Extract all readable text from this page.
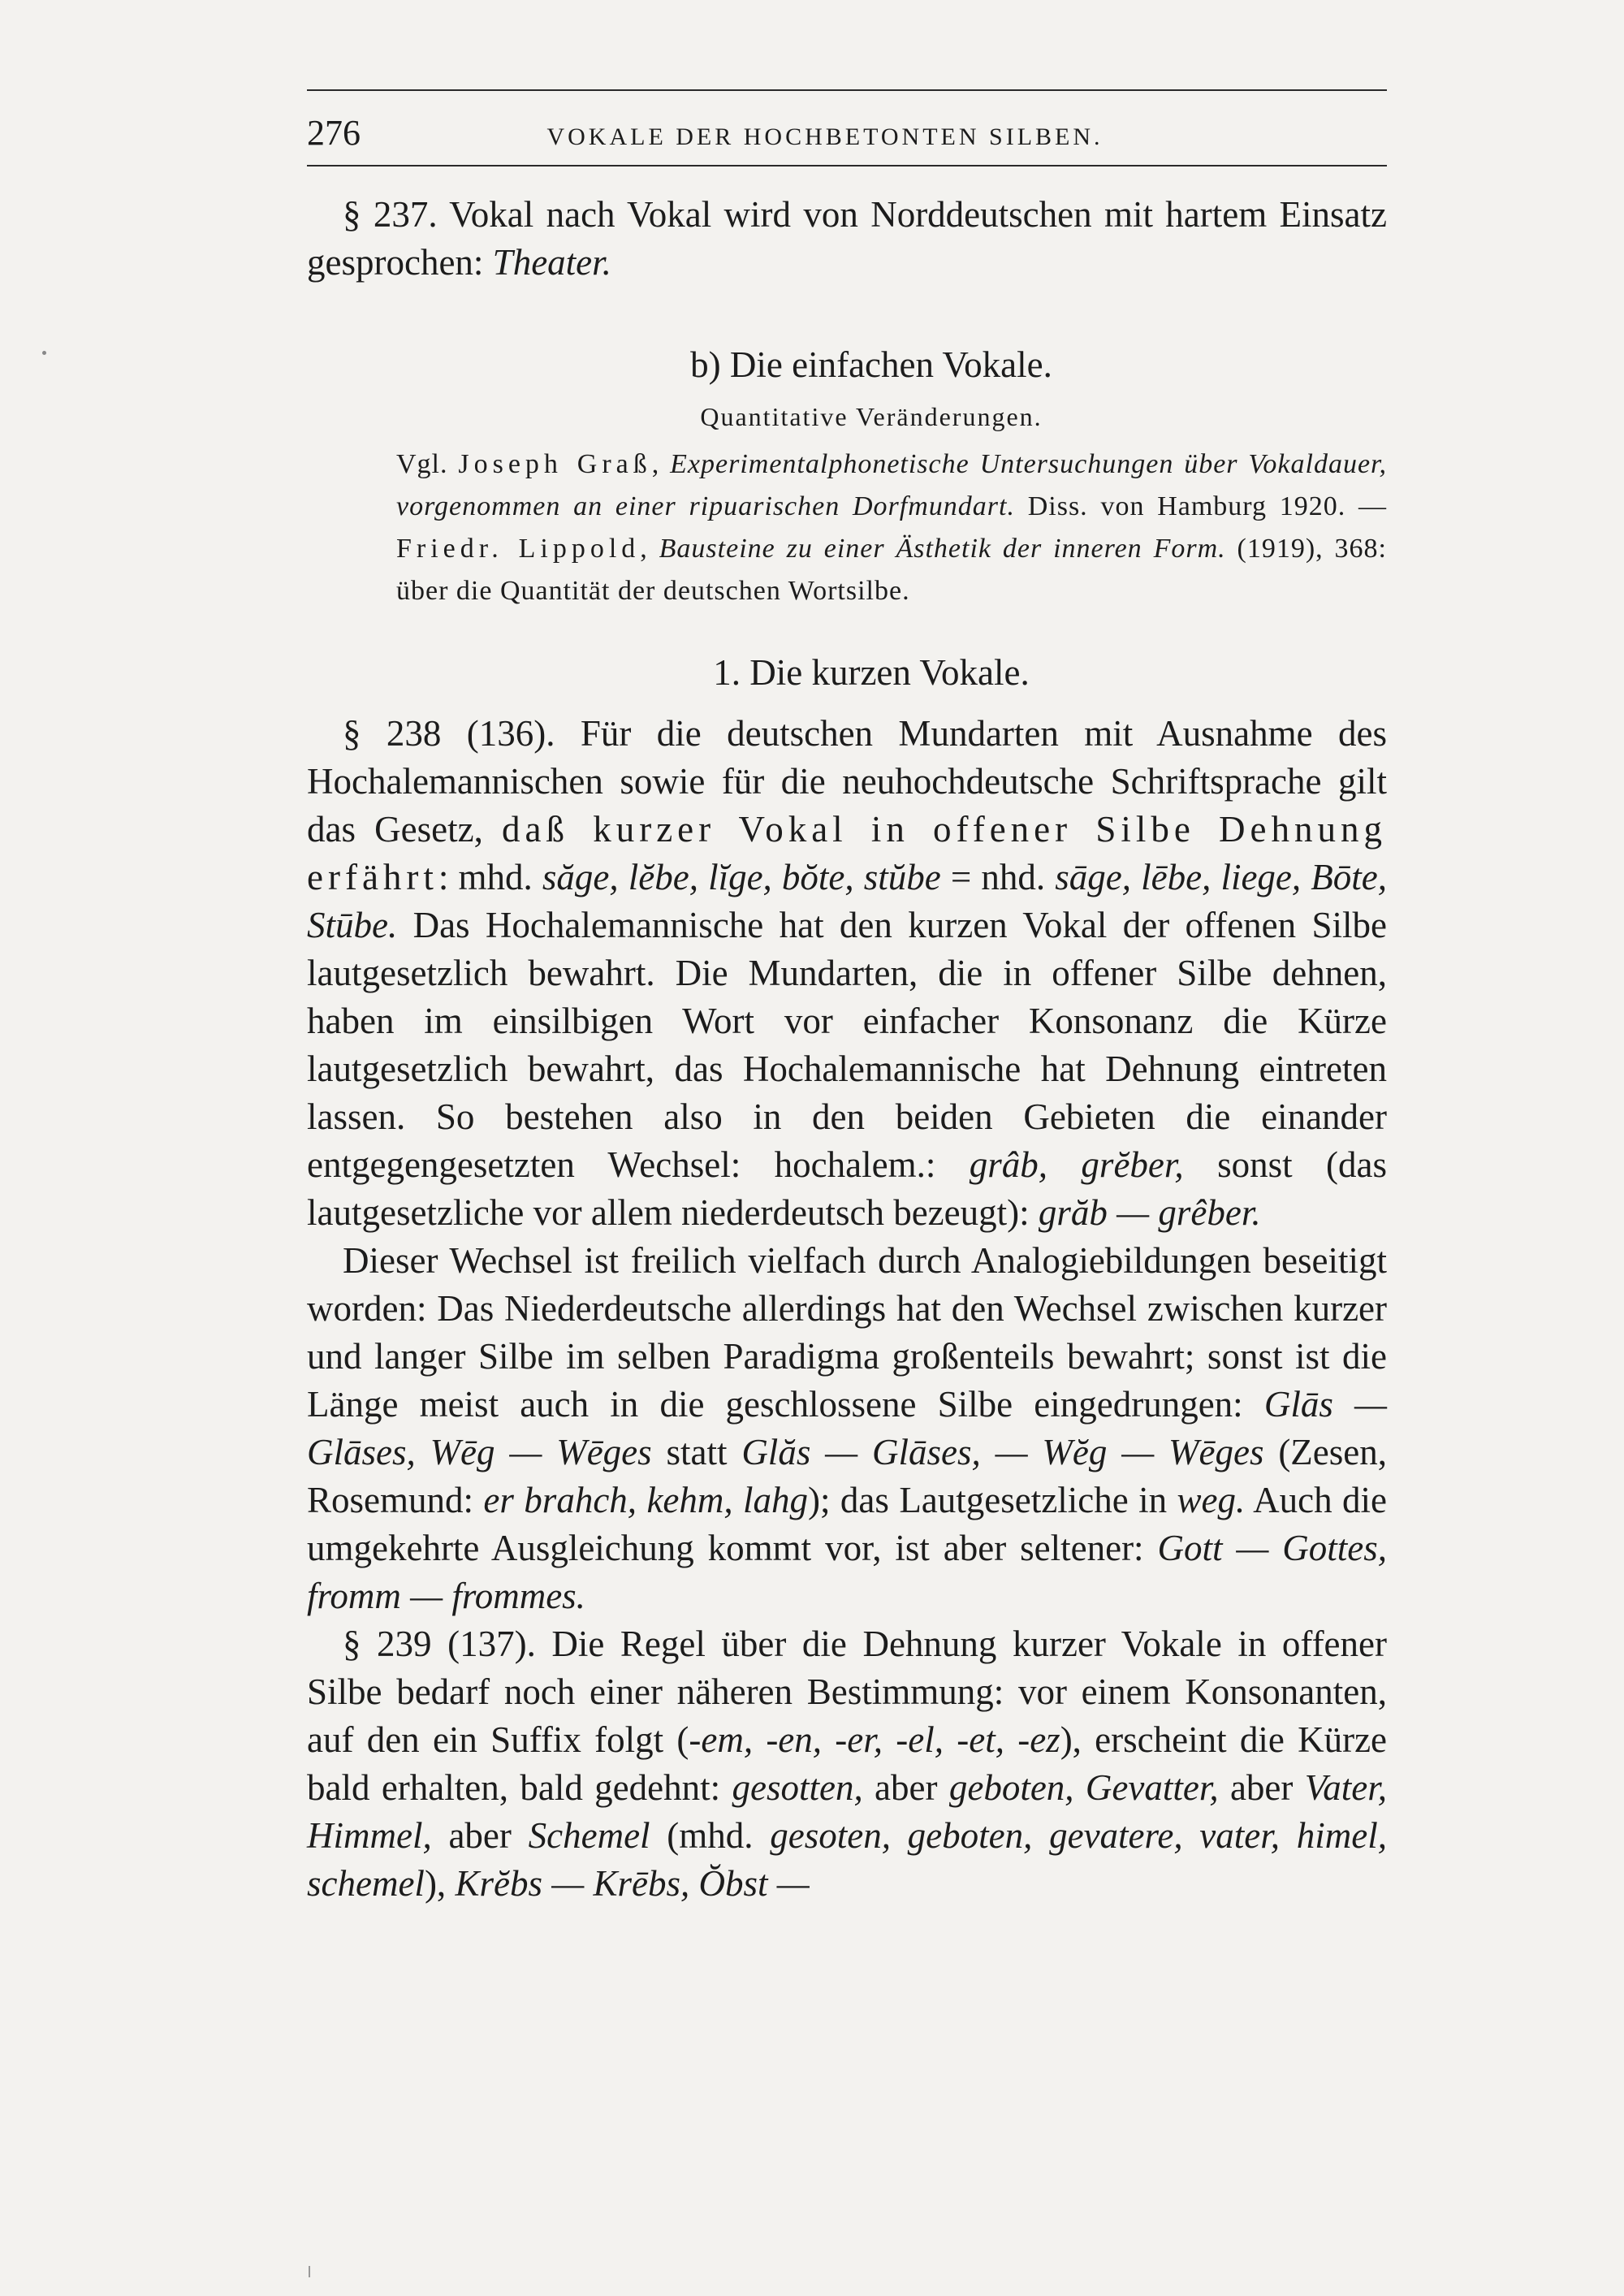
276	VOKALE DER HOCHBETONTEN SILBEN.

§ 237. Vokal nach Vokal wird von Norddeutschen mit hartem Einsatz gesprochen: Theater.

b) Die einfachen Vokale.

Quantitative Veränderungen.

Vgl. Joseph Graß, Experimentalphonetische Untersuchungen über Vokaldauer, vorgenommen an einer ripuarischen Dorfmundart. Diss. von Hamburg 1920. — Friedr. Lippold, Bausteine zu einer Ästhetik der inneren Form. (1919), 368: über die Quantität der deutschen Wortsilbe.

1. Die kurzen Vokale.

§ 238 (136). Für die deutschen Mundarten mit Ausnahme des Hochalemannischen sowie für die neuhochdeutsche Schriftsprache gilt das Gesetz, daß kurzer Vokal in offener Silbe Dehnung erfährt: mhd. săge, lĕbe, lĭge, bŏte, stŭbe = nhd. sāge, lēbe, liege, Bōte, Stūbe. Das Hochalemannische hat den kurzen Vokal der offenen Silbe lautgesetzlich bewahrt. Die Mundarten, die in offener Silbe dehnen, haben im einsilbigen Wort vor einfacher Konsonanz die Kürze lautgesetzlich bewahrt, das Hochalemannische hat Dehnung eintreten lassen. So bestehen also in den beiden Gebieten die einander entgegengesetzten Wechsel: hochalem.: grâb, grĕber, sonst (das lautgesetzliche vor allem niederdeutsch bezeugt): grăb — grêber.

Dieser Wechsel ist freilich vielfach durch Analogiebildungen beseitigt worden: Das Niederdeutsche allerdings hat den Wechsel zwischen kurzer und langer Silbe im selben Paradigma großenteils bewahrt; sonst ist die Länge meist auch in die geschlossene Silbe eingedrungen: Glās — Glāses, Wēg — Wēges statt Glăs — Glāses, — Wĕg — Wēges (Zesen, Rosemund: er brahch, kehm, lahg); das Lautgesetzliche in weg. Auch die umgekehrte Ausgleichung kommt vor, ist aber seltener: Gott — Gottes, fromm — frommes.

§ 239 (137). Die Regel über die Dehnung kurzer Vokale in offener Silbe bedarf noch einer näheren Bestimmung: vor einem Konsonanten, auf den ein Suffix folgt (-em, -en, -er, -el, -et, -ez), erscheint die Kürze bald erhalten, bald gedehnt: gesotten, aber geboten, Gevatter, aber Vater, Himmel, aber Schemel (mhd. gesoten, geboten, gevatere, vater, himel, schemel), Krĕbs — Krēbs, Ŏbst —
